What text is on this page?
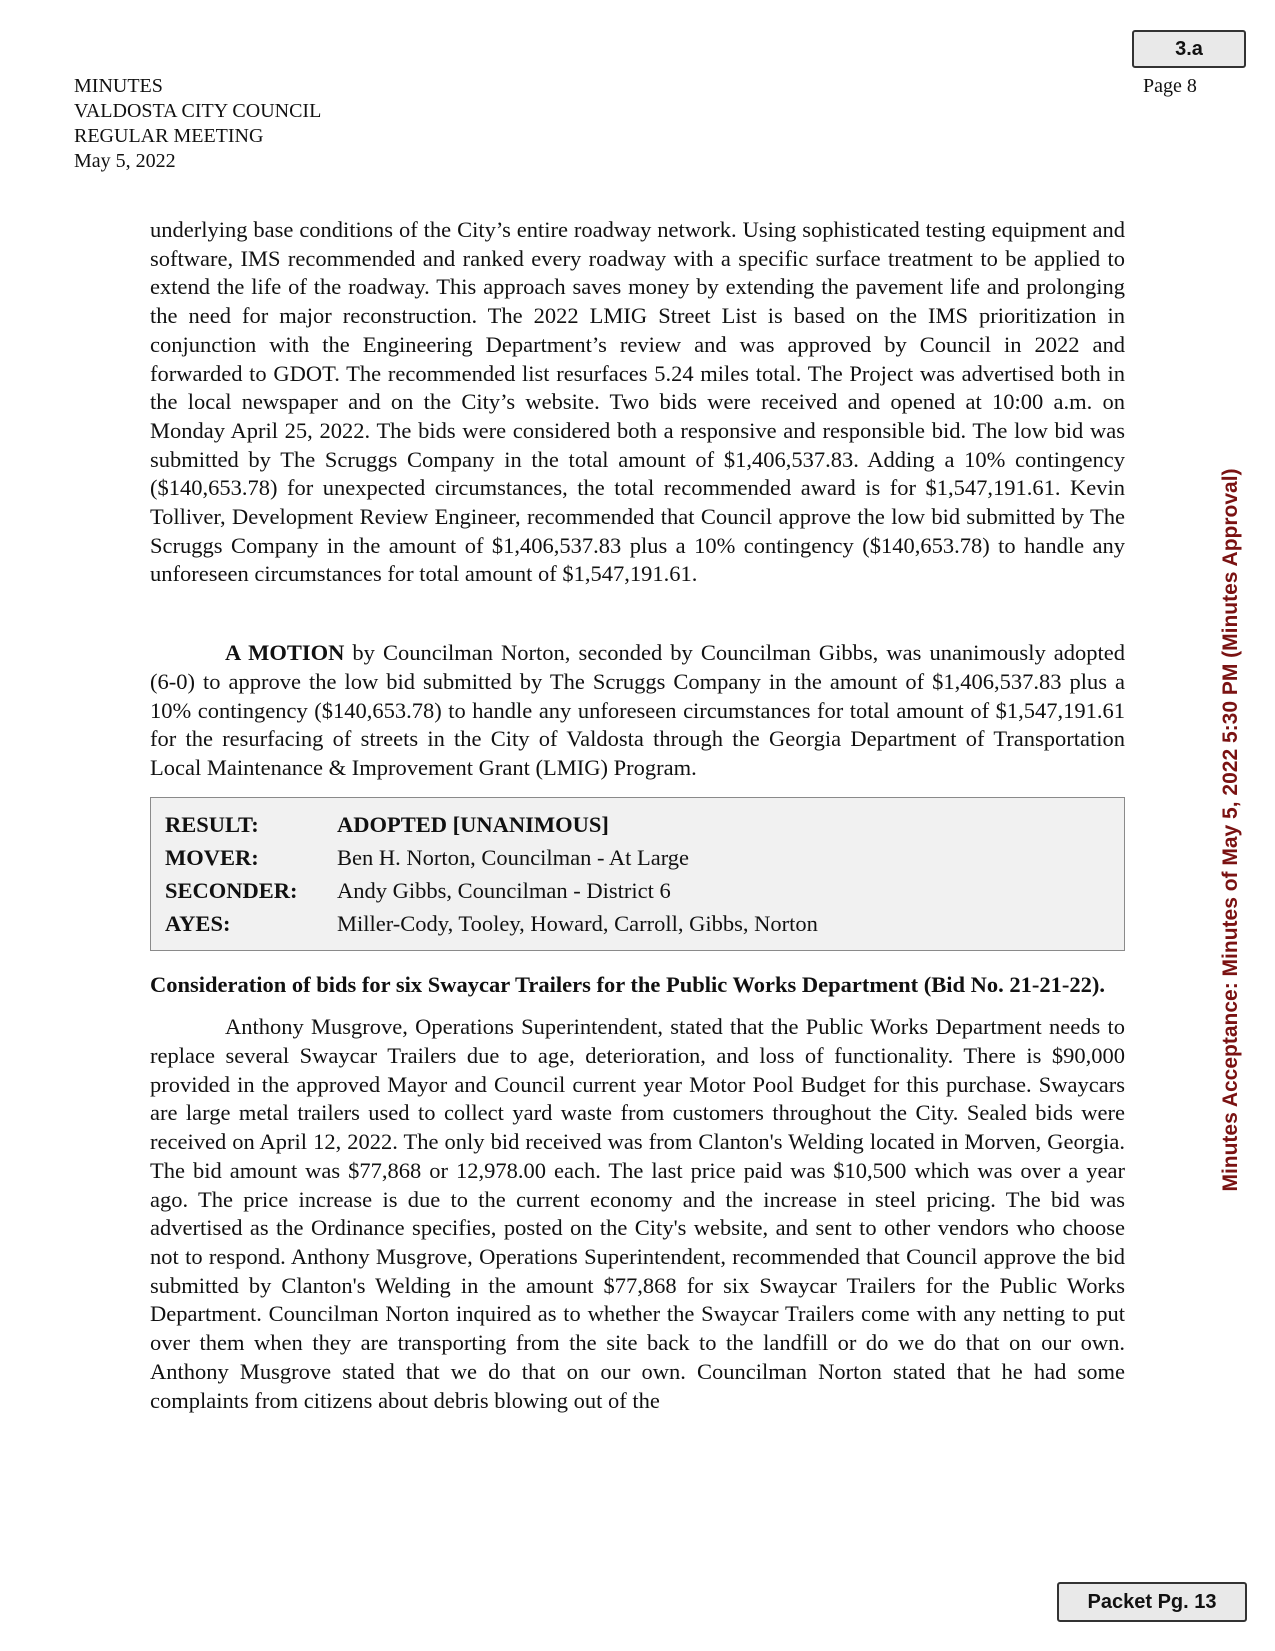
3.a
MINUTES
VALDOSTA CITY COUNCIL
REGULAR MEETING
May 5, 2022
Page 8
Minutes Acceptance: Minutes of May 5, 2022 5:30 PM (Minutes Approval)

underlying base conditions of the City’s entire roadway network. Using sophisticated testing equipment and software, IMS recommended and ranked every roadway with a specific surface treatment to be applied to extend the life of the roadway. This approach saves money by extending the pavement life and prolonging the need for major reconstruction. The 2022 LMIG Street List is based on the IMS prioritization in conjunction with the Engineering Department’s review and was approved by Council in 2022 and forwarded to GDOT. The recommended list resurfaces 5.24 miles total. The Project was advertised both in the local newspaper and on the City’s website. Two bids were received and opened at 10:00 a.m. on Monday April 25, 2022. The bids were considered both a responsive and responsible bid. The low bid was submitted by The Scruggs Company in the total amount of $1,406,537.83. Adding a 10% contingency ($140,653.78) for unexpected circumstances, the total recommended award is for $1,547,191.61. Kevin Tolliver, Development Review Engineer, recommended that Council approve the low bid submitted by The Scruggs Company in the amount of $1,406,537.83 plus a 10% contingency ($140,653.78) to handle any unforeseen circumstances for total amount of $1,547,191.61.

A MOTION by Councilman Norton, seconded by Councilman Gibbs, was unanimously adopted (6-0) to approve the low bid submitted by The Scruggs Company in the amount of $1,406,537.83 plus a 10% contingency ($140,653.78) to handle any unforeseen circumstances for total amount of $1,547,191.61 for the resurfacing of streets in the City of Valdosta through the Georgia Department of Transportation Local Maintenance & Improvement Grant (LMIG) Program.

RESULT:	ADOPTED [UNANIMOUS]
MOVER:	Ben H. Norton, Councilman - At Large
SECONDER:	Andy Gibbs, Councilman - District 6
AYES:	Miller-Cody, Tooley, Howard, Carroll, Gibbs, Norton

Consideration of bids for six Swaycar Trailers for the Public Works Department (Bid No. 21-21-22).

Anthony Musgrove, Operations Superintendent, stated that the Public Works Department needs to replace several Swaycar Trailers due to age, deterioration, and loss of functionality. There is $90,000 provided in the approved Mayor and Council current year Motor Pool Budget for this purchase. Swaycars are large metal trailers used to collect yard waste from customers throughout the City. Sealed bids were received on April 12, 2022. The only bid received was from Clanton's Welding located in Morven, Georgia. The bid amount was $77,868 or 12,978.00 each. The last price paid was $10,500 which was over a year ago. The price increase is due to the current economy and the increase in steel pricing. The bid was advertised as the Ordinance specifies, posted on the City's website, and sent to other vendors who choose not to respond. Anthony Musgrove, Operations Superintendent, recommended that Council approve the bid submitted by Clanton's Welding in the amount $77,868 for six Swaycar Trailers for the Public Works Department. Councilman Norton inquired as to whether the Swaycar Trailers come with any netting to put over them when they are transporting from the site back to the landfill or do we do that on our own. Anthony Musgrove stated that we do that on our own. Councilman Norton stated that he had some complaints from citizens about debris blowing out of the

Packet Pg. 13
